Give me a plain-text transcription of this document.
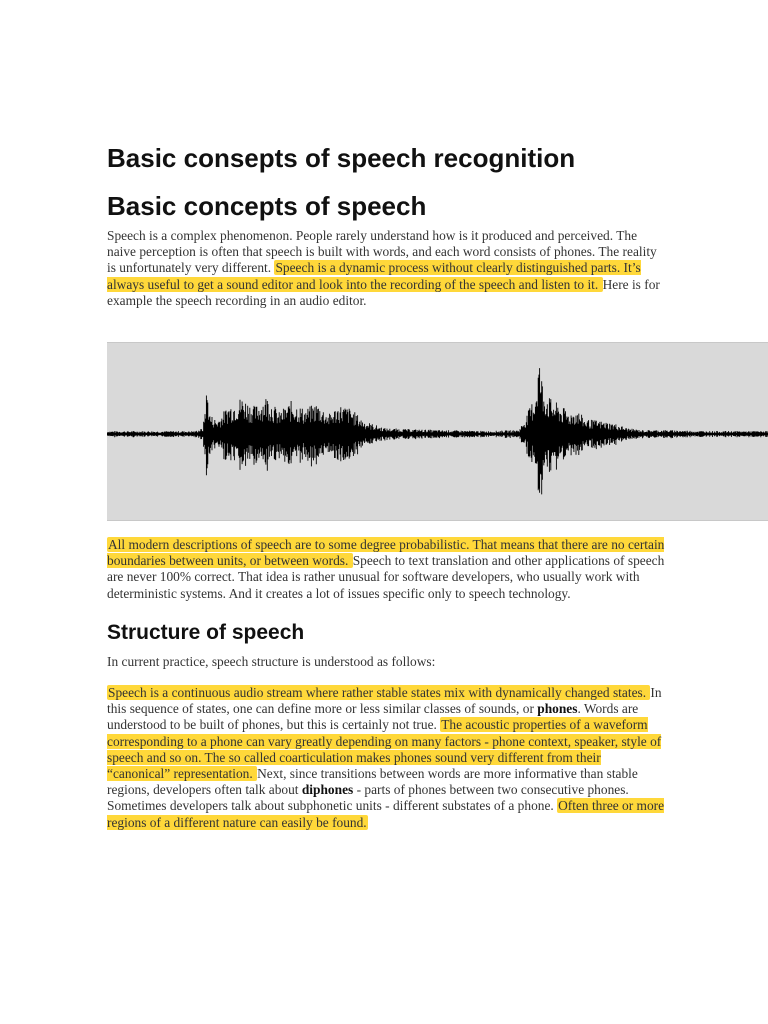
Basic consepts of speech recognition
Basic concepts of speech

Speech is a complex phenomenon. People rarely understand how is it produced and perceived. The naive perception is often that speech is built with words, and each word consists of phones. The reality is unfortunately very different. Speech is a dynamic process without clearly distinguished parts. It’s always useful to get a sound editor and look into the recording of the speech and listen to it. Here is for example the speech recording in an audio editor.

All modern descriptions of speech are to some degree probabilistic. That means that there are no certain boundaries between units, or between words. Speech to text translation and other applications of speech are never 100% correct. That idea is rather unusual for software developers, who usually work with deterministic systems. And it creates a lot of issues specific only to speech technology.

Structure of speech

In current practice, speech structure is understood as follows:

Speech is a continuous audio stream where rather stable states mix with dynamically changed states. In this sequence of states, one can define more or less similar classes of sounds, or phones. Words are understood to be built of phones, but this is certainly not true. The acoustic properties of a waveform corresponding to a phone can vary greatly depending on many factors - phone context, speaker, style of speech and so on. The so called coarticulation makes phones sound very different from their “canonical” representation. Next, since transitions between words are more informative than stable regions, developers often talk about diphones - parts of phones between two consecutive phones. Sometimes developers talk about subphonetic units - different substates of a phone. Often three or more regions of a different nature can easily be found.
